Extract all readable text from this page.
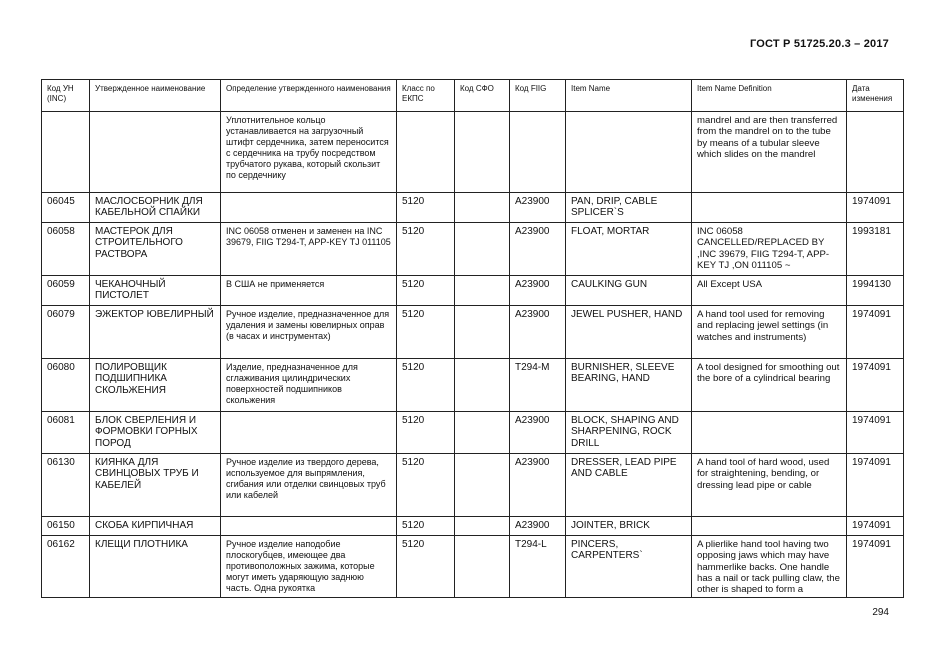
ГОСТ Р 51725.20.3 – 2017
Код УН (INC)	Утвержденное наименование	Определение утвержденного наименования	Класс по ЕКПС	Код СФО	Код FIIG	Item Name	Item Name Definition	Дата изменения
		Уплотнительное кольцо устанавливается на загрузочный штифт сердечника, затем переносится с сердечника на трубу посредством трубчатого рукава, который скользит по сердечнику					mandrel and are then transferred from the mandrel on to the tube by means of a tubular sleeve which slides on the mandrel	
06045	МАСЛОСБОРНИК ДЛЯ КАБЕЛЬНОЙ СПАЙКИ		5120		A23900	PAN, DRIP, CABLE SPLICER`S		1974091
06058	МАСТЕРОК ДЛЯ СТРОИТЕЛЬНОГО РАСТВОРА	INC 06058 отменен и заменен на INC 39679, FIIG T294-T, APP-KEY TJ 011105	5120		A23900	FLOAT, MORTAR	INC 06058 CANCELLED/REPLACED BY ,INC 39679, FIIG T294-T, APP-KEY TJ ,ON 011105 ~	1993181
06059	ЧЕКАНОЧНЫЙ ПИСТОЛЕТ	В США не применяется	5120		A23900	CAULKING GUN	All Except USA	1994130
06079	ЭЖЕКТОР ЮВЕЛИРНЫЙ	Ручное изделие, предназначенное для удаления и замены ювелирных оправ (в часах и инструментах)	5120		A23900	JEWEL PUSHER, HAND	A hand tool used for removing and replacing jewel settings (in watches and instruments)	1974091
06080	ПОЛИРОВЩИК ПОДШИПНИКА СКОЛЬЖЕНИЯ	Изделие, предназначенное для сглаживания цилиндрических поверхностей подшипников скольжения	5120		T294-M	BURNISHER, SLEEVE BEARING, HAND	A tool designed for smoothing out the bore of a cylindrical bearing	1974091
06081	БЛОК СВЕРЛЕНИЯ И ФОРМОВКИ ГОРНЫХ ПОРОД		5120		A23900	BLOCK, SHAPING AND SHARPENING, ROCK DRILL		1974091
06130	КИЯНКА ДЛЯ СВИНЦОВЫХ ТРУБ И КАБЕЛЕЙ	Ручное изделие из твердого дерева, используемое для выпрямления, сгибания или отделки свинцовых труб или кабелей	5120		A23900	DRESSER, LEAD PIPE AND CABLE	A hand tool of hard wood, used for straightening, bending, or dressing lead pipe or cable	1974091
06150	СКОБА КИРПИЧНАЯ		5120		A23900	JOINTER, BRICK		1974091
06162	КЛЕЩИ ПЛОТНИКА	Ручное изделие наподобие плоскогубцев, имеющее два противоположных зажима, которые могут иметь ударяющую заднюю часть. Одна рукоятка	5120		T294-L	PINCERS, CARPENTERS`	A plierlike hand tool having two opposing jaws which may have hammerlike backs. One handle has a nail or tack pulling claw, the other is shaped to form a	1974091
294
